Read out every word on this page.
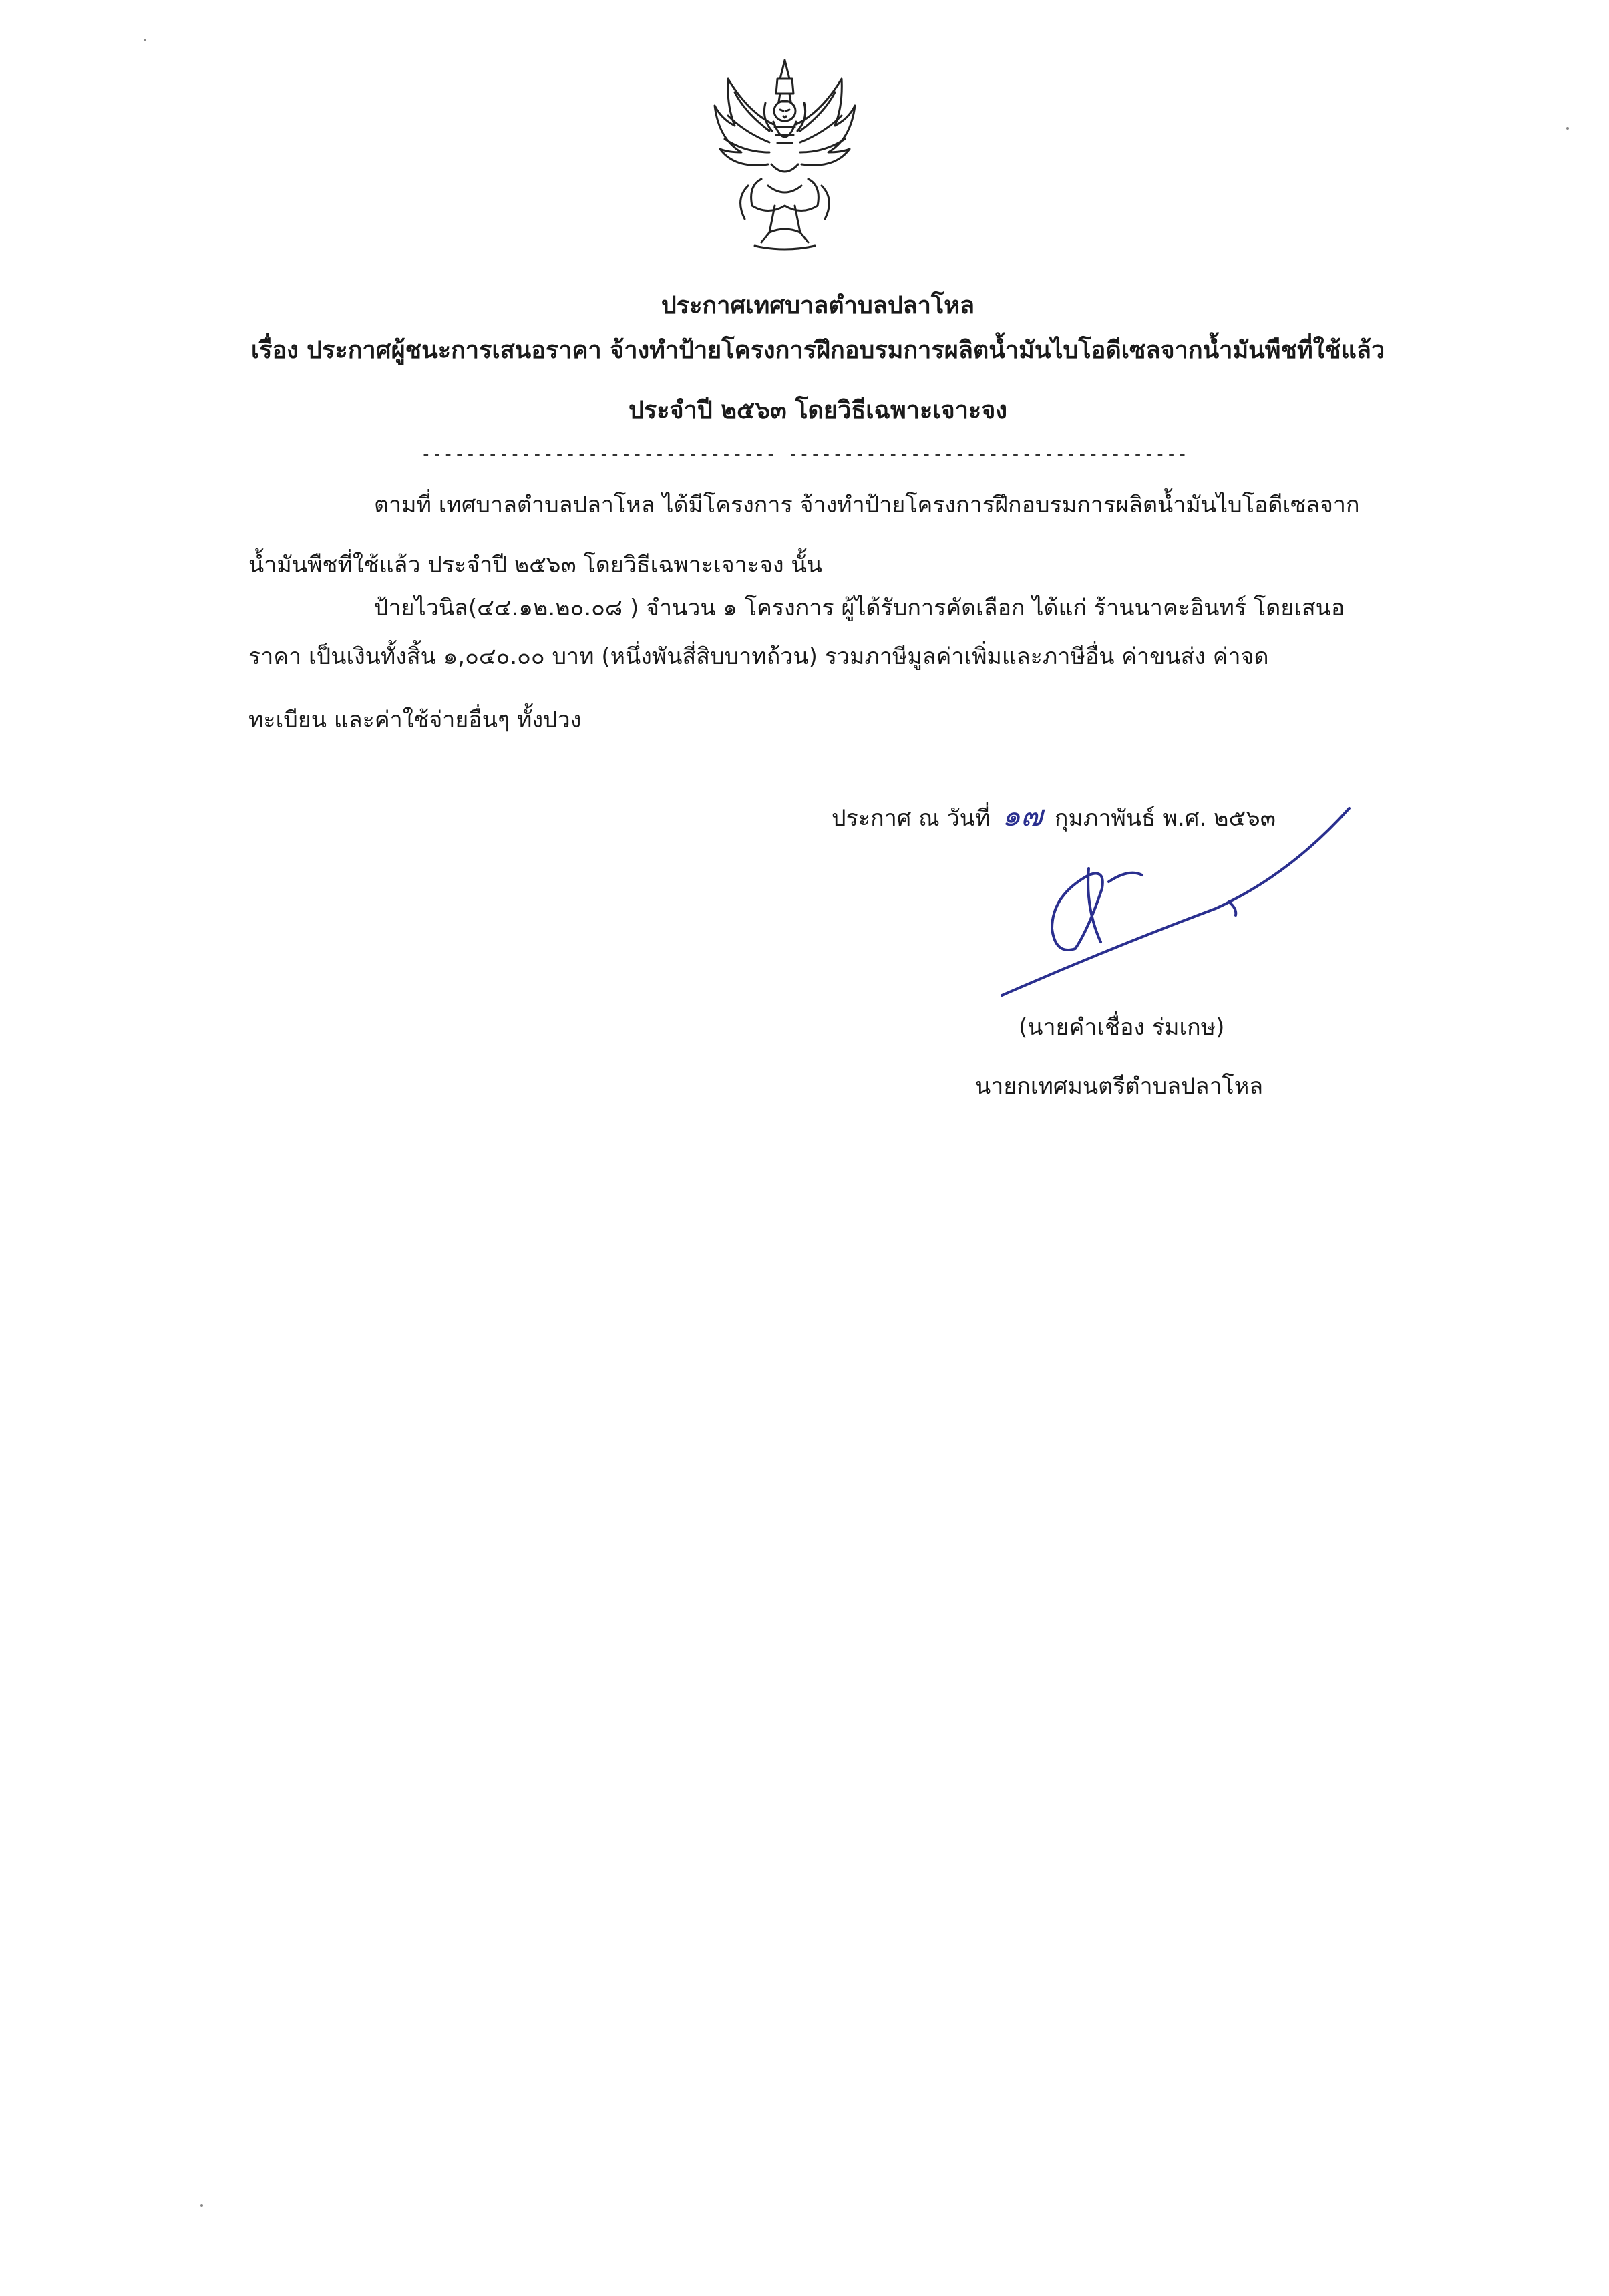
ประกาศเทศบาลตำบลปลาโหล
เรื่อง ประกาศผู้ชนะการเสนอราคา จ้างทำป้ายโครงการฝึกอบรมการผลิตน้ำมันไบโอดีเซลจากน้ำมันพืชที่ใช้แล้ว
ประจำปี ๒๕๖๓ โดยวิธีเฉพาะเจาะจง
-------------------------------- ------------------------------------
ตามที่ เทศบาลตำบลปลาโหล ได้มีโครงการ จ้างทำป้ายโครงการฝึกอบรมการผลิตน้ำมันไบโอดีเซลจาก
น้ำมันพืชที่ใช้แล้ว ประจำปี ๒๕๖๓ โดยวิธีเฉพาะเจาะจง นั้น
ป้ายไวนิล(๔๔.๑๒.๒๐.๐๘ ) จำนวน ๑ โครงการ ผู้ได้รับการคัดเลือก ได้แก่ ร้านนาคะอินทร์ โดยเสนอ
ราคา เป็นเงินทั้งสิ้น ๑,๐๔๐.๐๐ บาท (หนึ่งพันสี่สิบบาทถ้วน) รวมภาษีมูลค่าเพิ่มและภาษีอื่น ค่าขนส่ง ค่าจด
ทะเบียน และค่าใช้จ่ายอื่นๆ ทั้งปวง
ประกาศ ณ วันที่ ๑๗ กุมภาพันธ์ พ.ศ. ๒๕๖๓
(นายคำเชื่อง ร่มเกษ)
นายกเทศมนตรีตำบลปลาโหล
